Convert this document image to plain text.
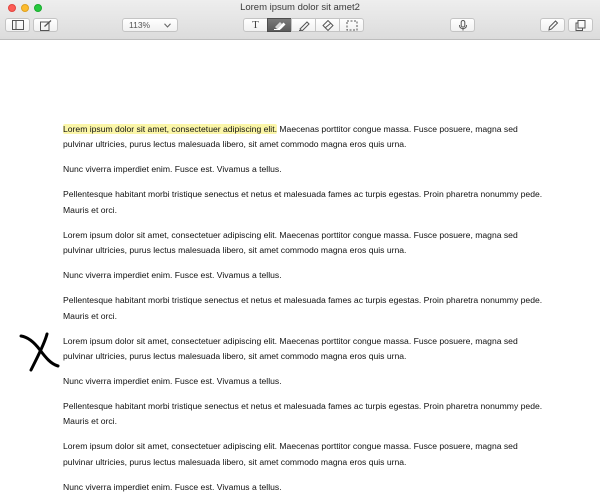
Lorem ipsum dolor sit amet2
113%	T

Lorem ipsum dolor sit amet, consectetuer adipiscing elit. Maecenas porttitor congue massa. Fusce posuere, magna sed pulvinar ultricies, purus lectus malesuada libero, sit amet commodo magna eros quis urna.

Nunc viverra imperdiet enim. Fusce est. Vivamus a tellus.

Pellentesque habitant morbi tristique senectus et netus et malesuada fames ac turpis egestas. Proin pharetra nonummy pede. Mauris et orci.

Lorem ipsum dolor sit amet, consectetuer adipiscing elit. Maecenas porttitor congue massa. Fusce posuere, magna sed pulvinar ultricies, purus lectus malesuada libero, sit amet commodo magna eros quis urna.

Nunc viverra imperdiet enim. Fusce est. Vivamus a tellus.

Pellentesque habitant morbi tristique senectus et netus et malesuada fames ac turpis egestas. Proin pharetra nonummy pede. Mauris et orci.

Lorem ipsum dolor sit amet, consectetuer adipiscing elit. Maecenas porttitor congue massa. Fusce posuere, magna sed pulvinar ultricies, purus lectus malesuada libero, sit amet commodo magna eros quis urna.

Nunc viverra imperdiet enim. Fusce est. Vivamus a tellus.

Pellentesque habitant morbi tristique senectus et netus et malesuada fames ac turpis egestas. Proin pharetra nonummy pede. Mauris et orci.

Lorem ipsum dolor sit amet, consectetuer adipiscing elit. Maecenas porttitor congue massa. Fusce posuere, magna sed pulvinar ultricies, purus lectus malesuada libero, sit amet commodo magna eros quis urna.

Nunc viverra imperdiet enim. Fusce est. Vivamus a tellus.
